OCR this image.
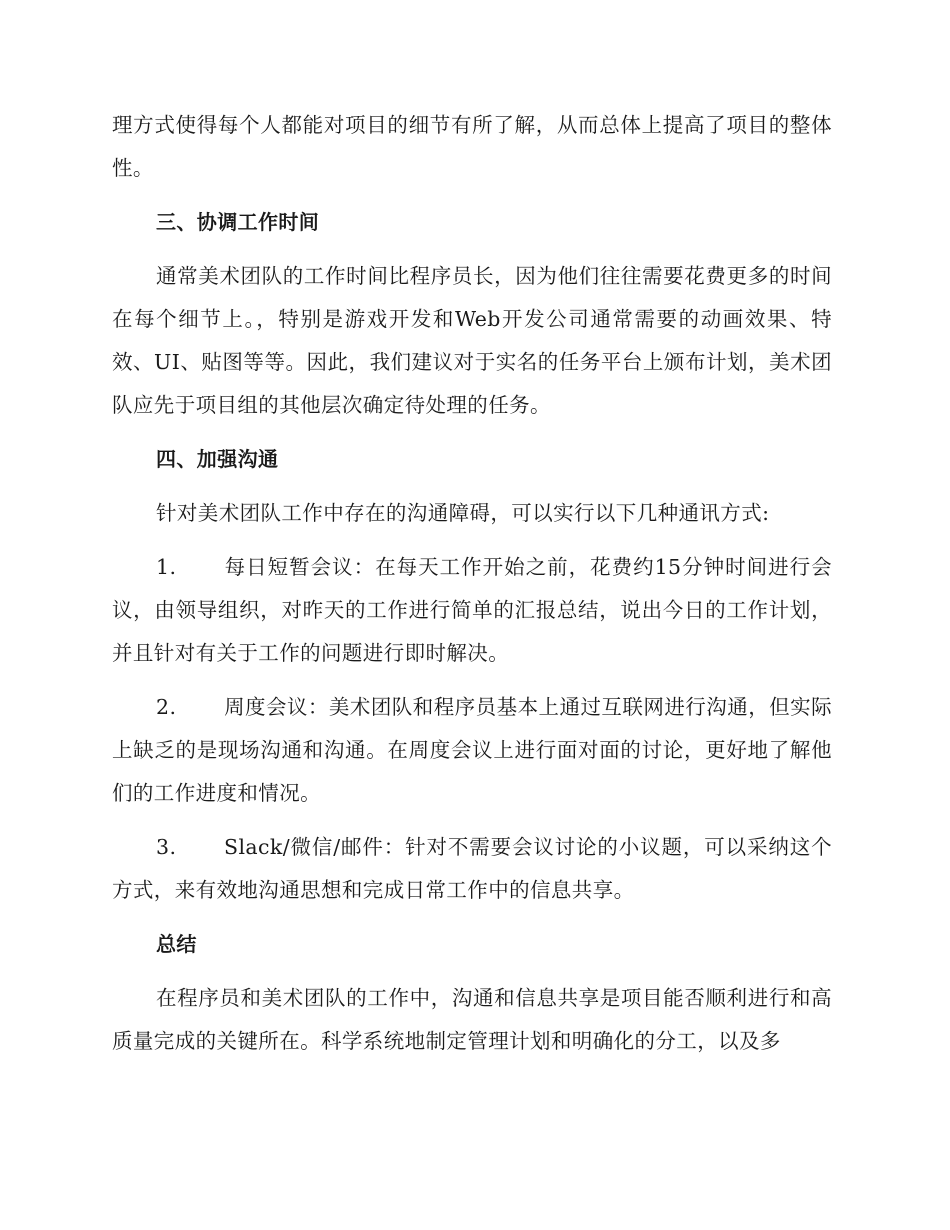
理方式使得每个人都能对项目的细节有所了解，从而总体上提高了项目的整体性。

三、协调工作时间

通常美术团队的工作时间比程序员长，因为他们往往需要花费更多的时间在每个细节上。，特别是游戏开发和Web开发公司通常需要的动画效果、特效、UI、贴图等等。因此，我们建议对于实名的任务平台上颁布计划，美术团队应先于项目组的其他层次确定待处理的任务。

四、加强沟通

针对美术团队工作中存在的沟通障碍，可以实行以下几种通讯方式:

1. 每日短暂会议：在每天工作开始之前，花费约15分钟时间进行会议，由领导组织，对昨天的工作进行简单的汇报总结，说出今日的工作计划，并且针对有关于工作的问题进行即时解决。

2. 周度会议：美术团队和程序员基本上通过互联网进行沟通，但实际上缺乏的是现场沟通和沟通。在周度会议上进行面对面的讨论，更好地了解他们的工作进度和情况。

3. Slack/微信/邮件：针对不需要会议讨论的小议题，可以采纳这个方式，来有效地沟通思想和完成日常工作中的信息共享。

总结

在程序员和美术团队的工作中，沟通和信息共享是项目能否顺利进行和高质量完成的关键所在。科学系统地制定管理计划和明确化的分工，以及多
